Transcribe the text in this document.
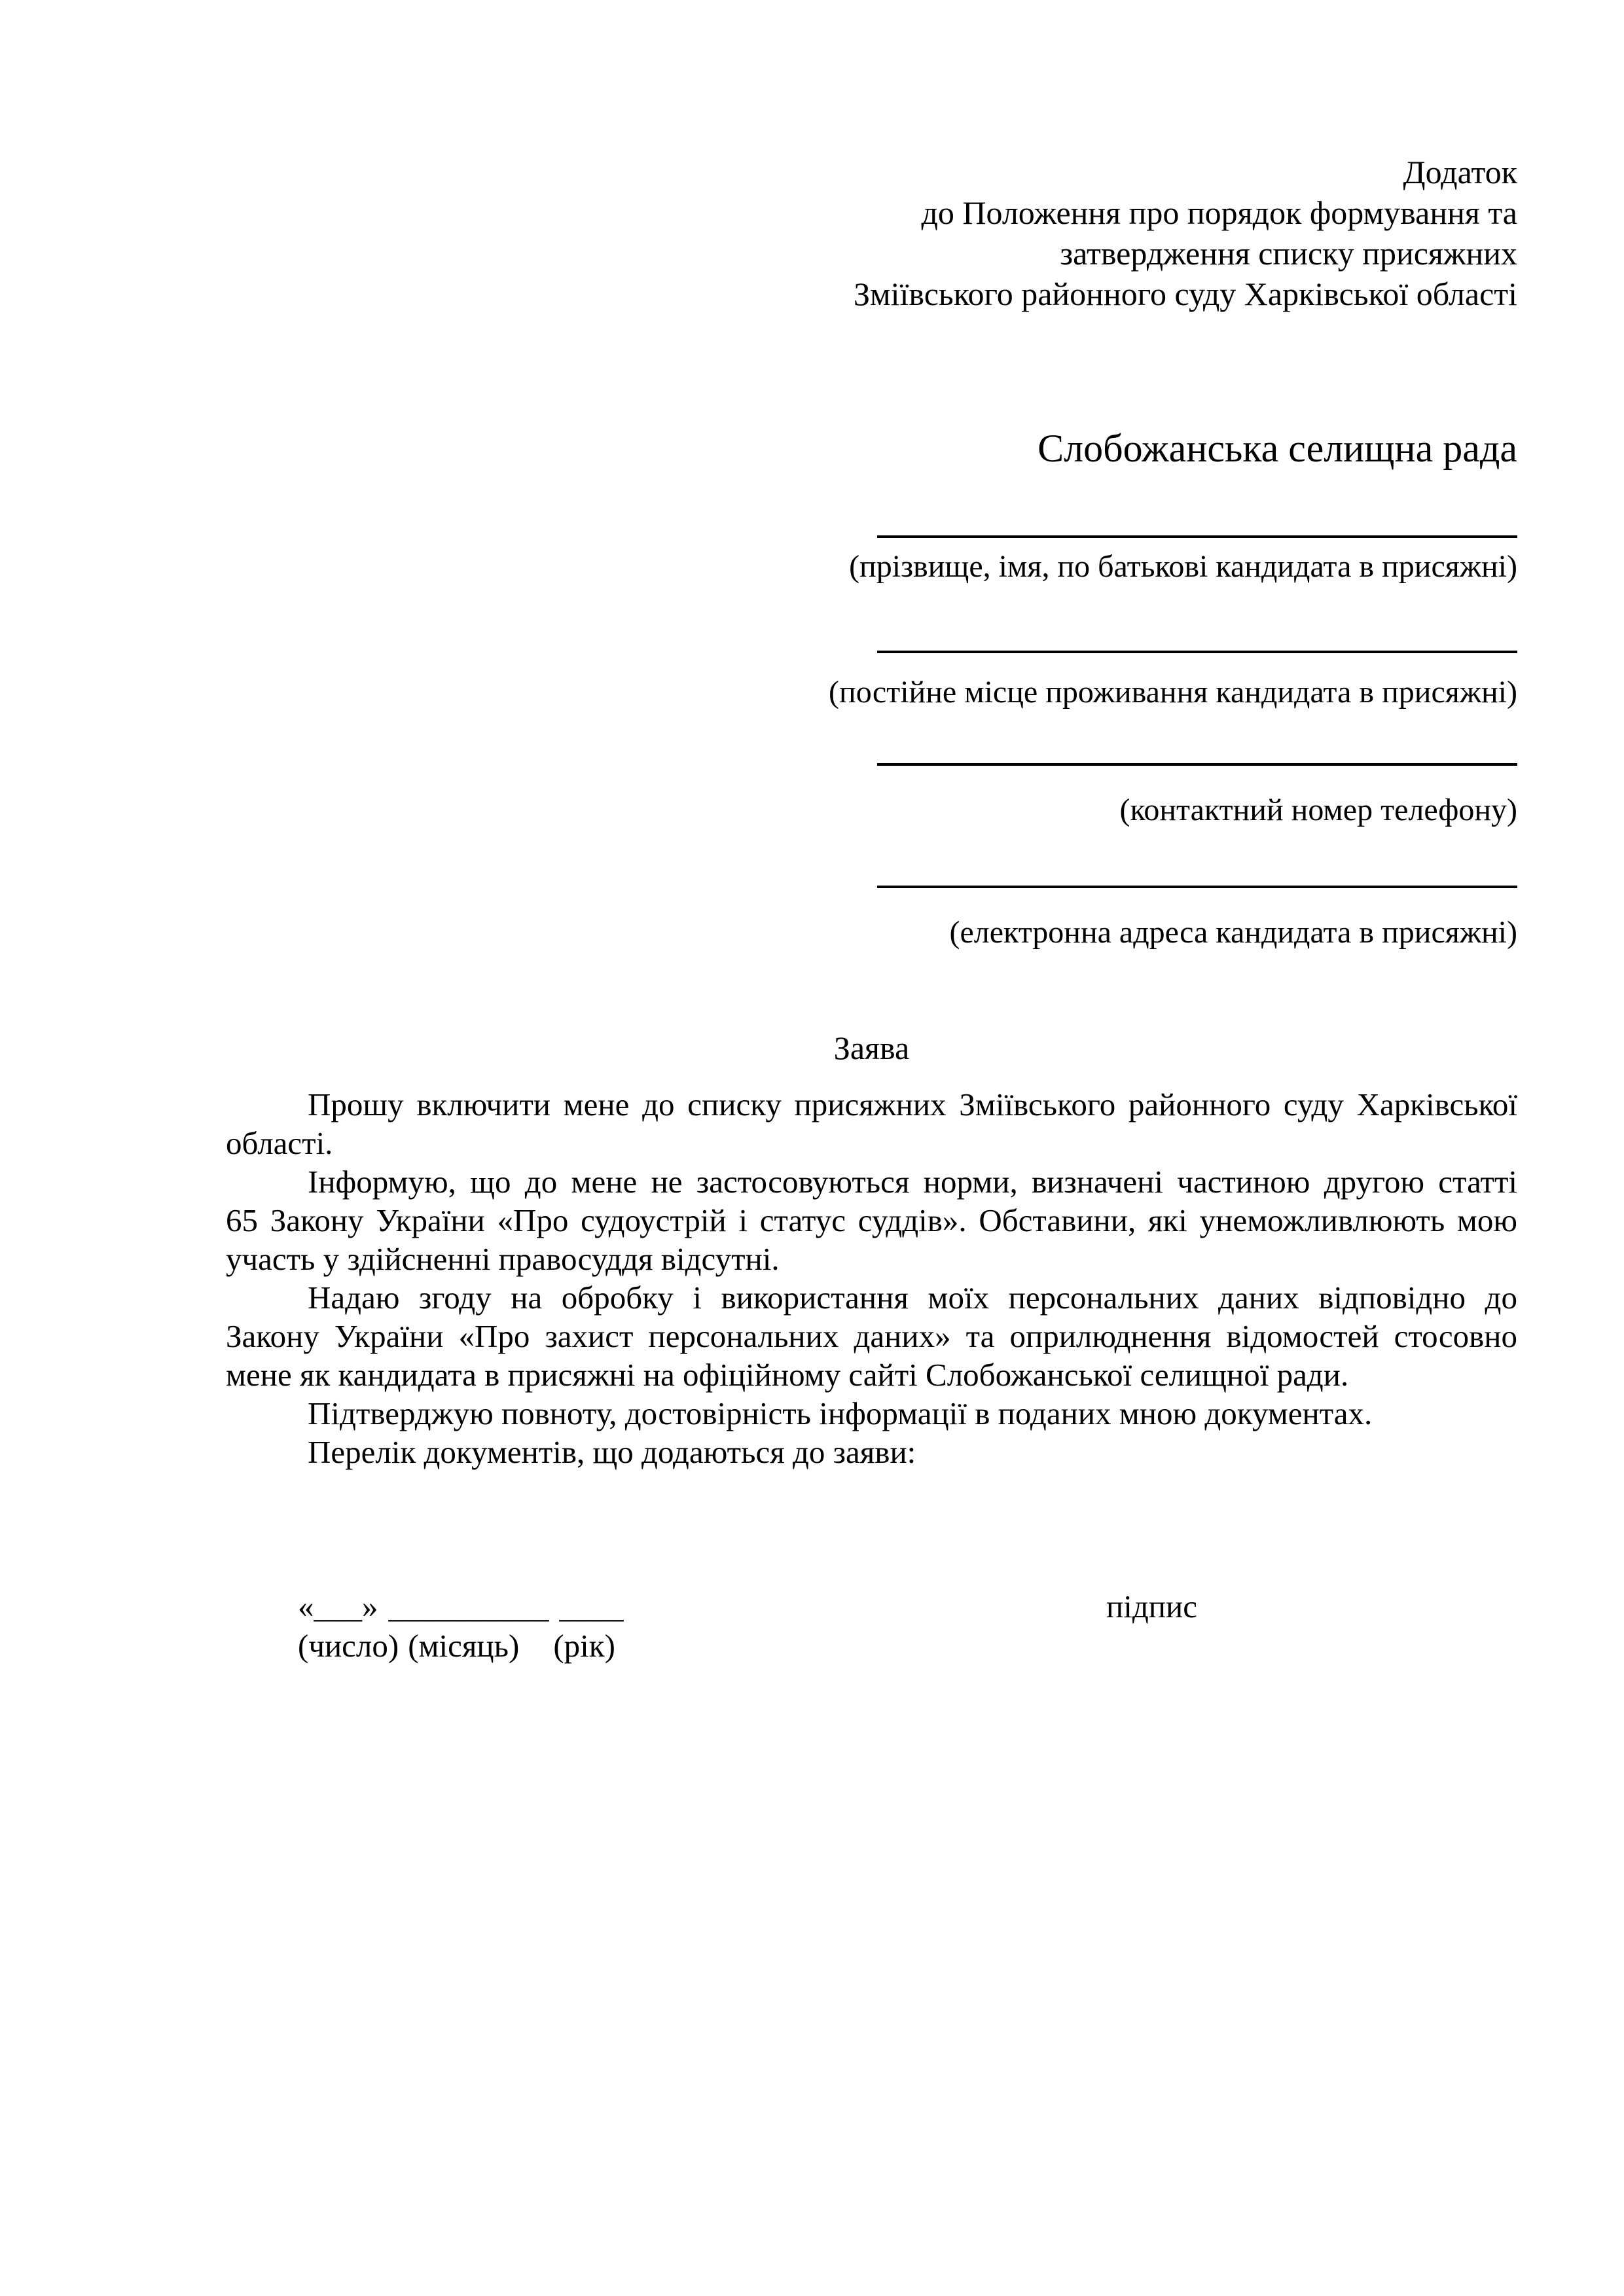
Додаток
до Положення про порядок формування та
затвердження списку присяжних
Зміївського районного суду Харківської області
Слобожанська селищна рада
(прізвище, імя, по батькові кандидата в присяжні)
(постійне місце проживання кандидата в присяжні)
(контактний номер телефону)
(електронна адреса кандидата в присяжні)
Заява
Прошу включити мене до списку присяжних Зміївського районного суду Харківської
області.
Інформую, що до мене не застосовуються норми, визначені частиною другою статті
65 Закону України «Про судоустрій і статус суддів». Обставини, які унеможливлюють мою
участь у здійсненні правосуддя відсутні.
Надаю згоду на обробку і використання моїх персональних даних відповідно до
Закону України «Про захист персональних даних» та оприлюднення відомостей стосовно
мене як кандидата в присяжні на офіційному сайті Слобожанської селищної ради.
Підтверджую повноту, достовірність інформації в поданих мною документах.
Перелік документів, що додаються до заяви:
«___» __________ ____	підпис
(число) (місяць) (рік)
